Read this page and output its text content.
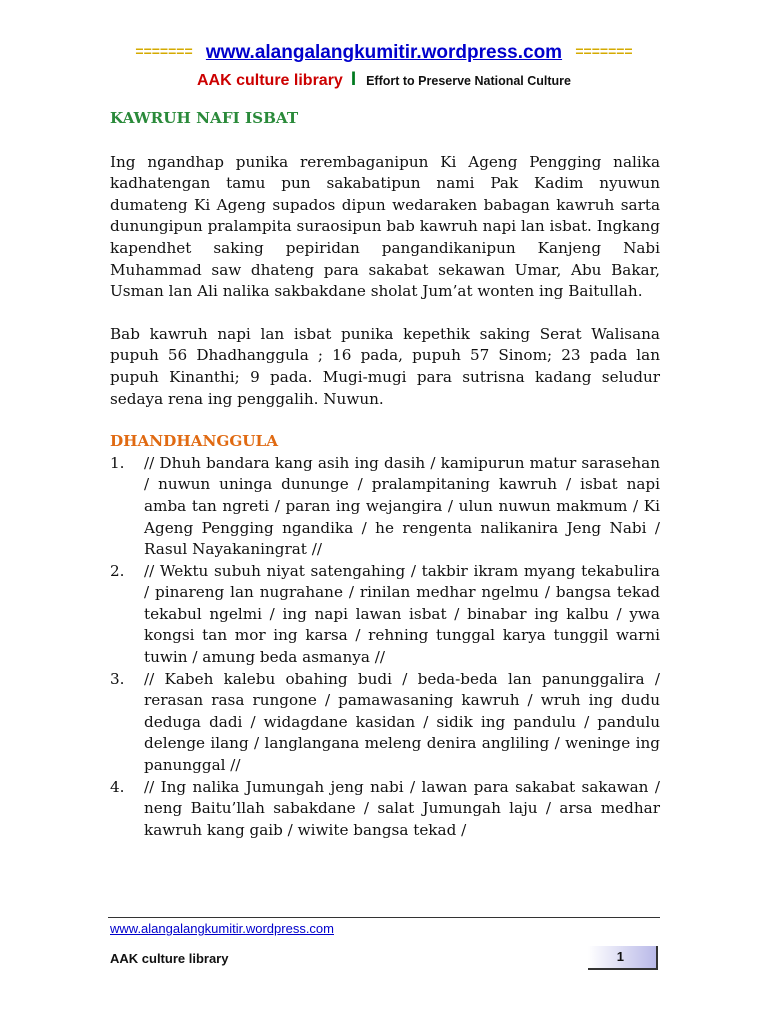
======= www.alangalangkumitir.wordpress.com =======
AAK culture library I Effort to Preserve National Culture

KAWRUH NAFI ISBAT

Ing ngandhap punika rerembaganipun Ki Ageng Pengging nalika kadhatengan tamu pun sakabatipun nami Pak Kadim nyuwun dumateng Ki Ageng supados dipun wedaraken babagan kawruh sarta dunungipun pralampita suraosipun bab kawruh napi lan isbat. Ingkang kapendhet saking pepiridan pangandikanipun Kanjeng Nabi Muhammad saw dhateng para sakabat sekawan Umar, Abu Bakar, Usman lan Ali nalika sakbakdane sholat Jum’at wonten ing Baitullah.

Bab kawruh napi lan isbat punika kepethik saking Serat Walisana pupuh 56 Dhadhanggula ; 16 pada, pupuh 57 Sinom; 23 pada lan pupuh Kinanthi; 9 pada. Mugi-mugi para sutrisna kadang seludur sedaya rena ing penggalih. Nuwun.

DHANDHANGGULA

1. // Dhuh bandara kang asih ing dasih / kamipurun matur sarasehan / nuwun uninga dununge / pralampitaning kawruh / isbat napi amba tan ngreti / paran ing wejangira / ulun nuwun makmum / Ki Ageng Pengging ngandika / he rengenta nalikanira Jeng Nabi / Rasul Nayakaningrat //
2. // Wektu subuh niyat satengahing / takbir ikram myang tekabulira / pinareng lan nugrahane / rinilan medhar ngelmu / bangsa tekad tekabul ngelmi / ing napi lawan isbat / binabar ing kalbu / ywa kongsi tan mor ing karsa / rehning tunggal karya tunggil warni tuwin / amung beda asmanya //
3. // Kabeh kalebu obahing budi / beda-beda lan panunggalira / rerasan rasa rungone / pamawasaning kawruh / wruh ing dudu deduga dadi / widagdane kasidan / sidik ing pandulu / pandulu delenge ilang / langlangana meleng denira angliling / weninge ing panunggal //
4. // Ing nalika Jumungah jeng nabi / lawan para sakabat sakawan / neng Baitu’llah sabakdane / salat Jumungah laju / arsa medhar kawruh kang gaib / wiwite bangsa tekad /
www.alangalangkumitir.wordpress.com
AAK culture library	1
